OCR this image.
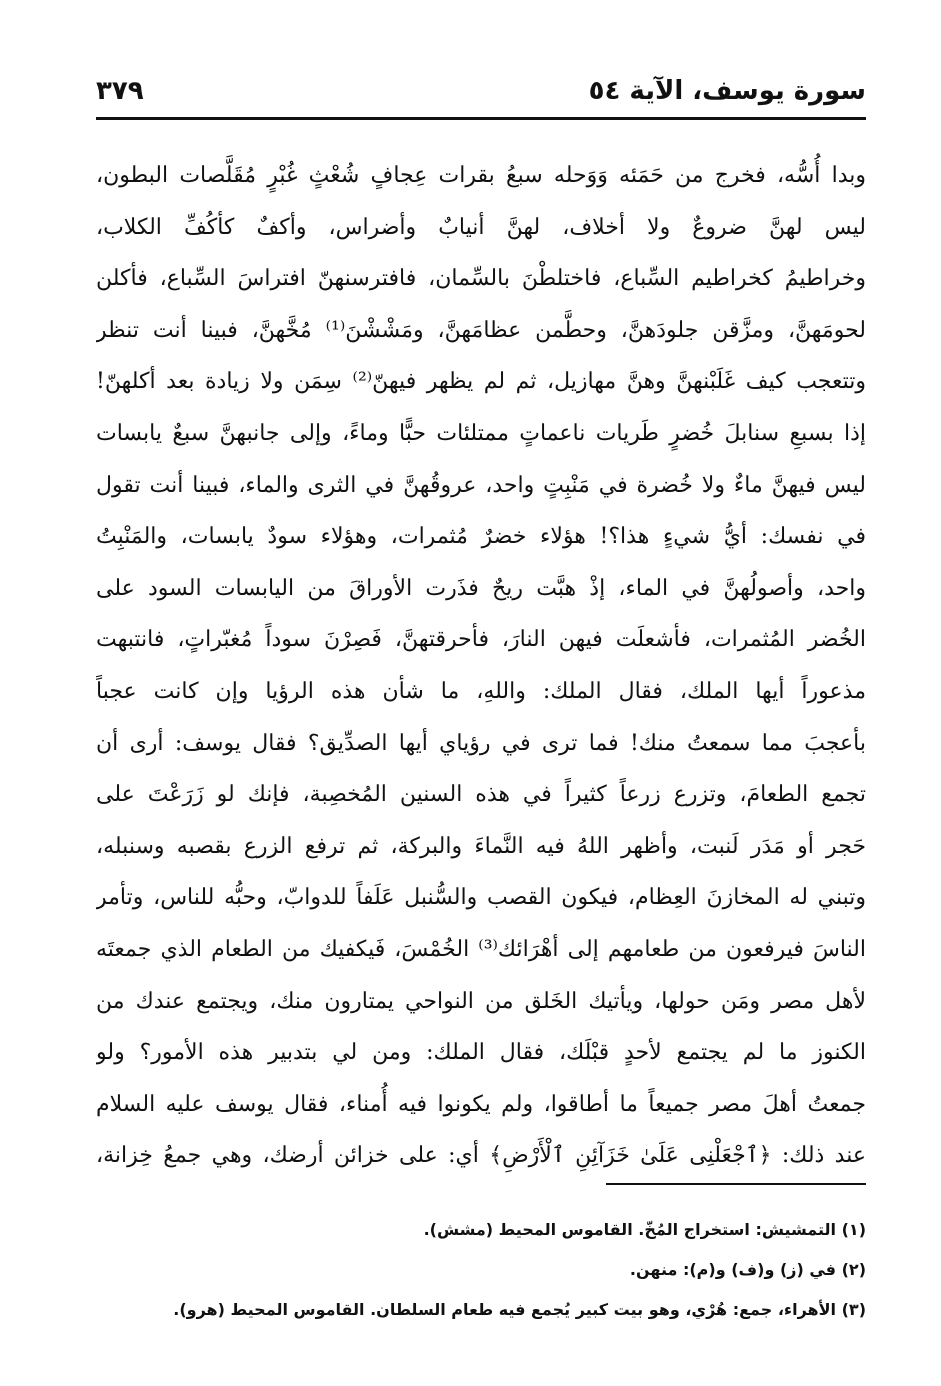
سورة يوسف، الآية ٥٤
٣٧٩
وبدا أُسُّه، فخرج من حَمَئه وَوَحله سبعُ بقرات عِجافٍ شُعْثٍ غُبْرٍ مُقَلَّصات البطون،
ليس لهنَّ ضروعٌ ولا أخلاف، لهنَّ أنيابٌ وأضراس، وأكفٌ كأكُفِّ الكلاب،
وخراطيمُ كخراطيم السِّباع، فاختلطْنَ بالسِّمان، فافترسنهنّ افتراسَ السِّباع، فأكلن
لحومَهنَّ، ومزَّقن جلودَهنَّ، وحطَّمن عظامَهنَّ، ومَشْشْنَ⁽¹⁾ مُخَّهنَّ، فبينا أنت تنظر
وتتعجب كيف غَلَبْنهنَّ وهنَّ مهازيل، ثم لم يظهر فيهنّ⁽²⁾ سِمَن ولا زيادة بعد أكلهنّ!
إذا بسبعِ سنابلَ خُضرٍ طَريات ناعماتٍ ممتلئات حبًّا وماءً، وإلى جانبهنَّ سبعٌ يابسات
ليس فيهنَّ ماءٌ ولا خُضرة في مَنْبِتٍ واحد، عروقُهنَّ في الثرى والماء، فبينا أنت تقول
في نفسك: أيُّ شيءٍ هذا؟! هؤلاء خضرٌ مُثمرات، وهؤلاء سودٌ يابسات، والمَنْبِتُ
واحد، وأصولُهنَّ في الماء، إذْ هبَّت ريحٌ فذَرت الأوراقَ من اليابسات السود على
الخُضر المُثمرات، فأشعلَت فيهن النارَ، فأحرقتهنَّ، فَصِرْنَ سوداً مُغبّراتٍ، فانتبهت
مذعوراً أيها الملك، فقال الملك: واللهِ، ما شأن هذه الرؤيا وإن كانت عجباً
بأعجبَ مما سمعتُ منك! فما ترى في رؤياي أيها الصدِّيق؟ فقال يوسف: أرى أن
تجمع الطعامَ، وتزرع زرعاً كثيراً في هذه السنين المُخصِبة، فإنك لو زَرَعْتَ على
حَجر أو مَدَر لَنبت، وأظهر اللهُ فيه النَّماءَ والبركة، ثم ترفع الزرع بقصبه وسنبله،
وتبني له المخازنَ العِظام، فيكون القصب والسُّنبل عَلَفاً للدوابّ، وحبُّه للناس، وتأمر
الناسَ فيرفعون من طعامهم إلى أهْرَائك⁽³⁾ الخُمْسَ، فَيكفيك من الطعام الذي جمعتَه
لأهل مصر ومَن حولها، ويأتيك الخَلق من النواحي يمتارون منك، ويجتمع عندك من
الكنوز ما لم يجتمع لأحدٍ قبْلَك، فقال الملك: ومن لي بتدبير هذه الأمور؟ ولو
جمعتُ أهلَ مصر جميعاً ما أطاقوا، ولم يكونوا فيه أُمناء، فقال يوسف عليه السلام
عند ذلك: ﴿ٱجْعَلْنِى عَلَىٰ خَزَآئِنِ ٱلْأَرْضِ﴾ أي: على خزائن أرضك، وهي جمعُ خِزانة،
(١) التمشيش: استخراج المُخّ. القاموس المحيط (مشش).
(٢) في (ز) و(ف) و(م): منهن.
(٣) الأهراء، جمع: هُرْي، وهو بيت كبير يُجمع فيه طعام السلطان. القاموس المحيط (هرو).
